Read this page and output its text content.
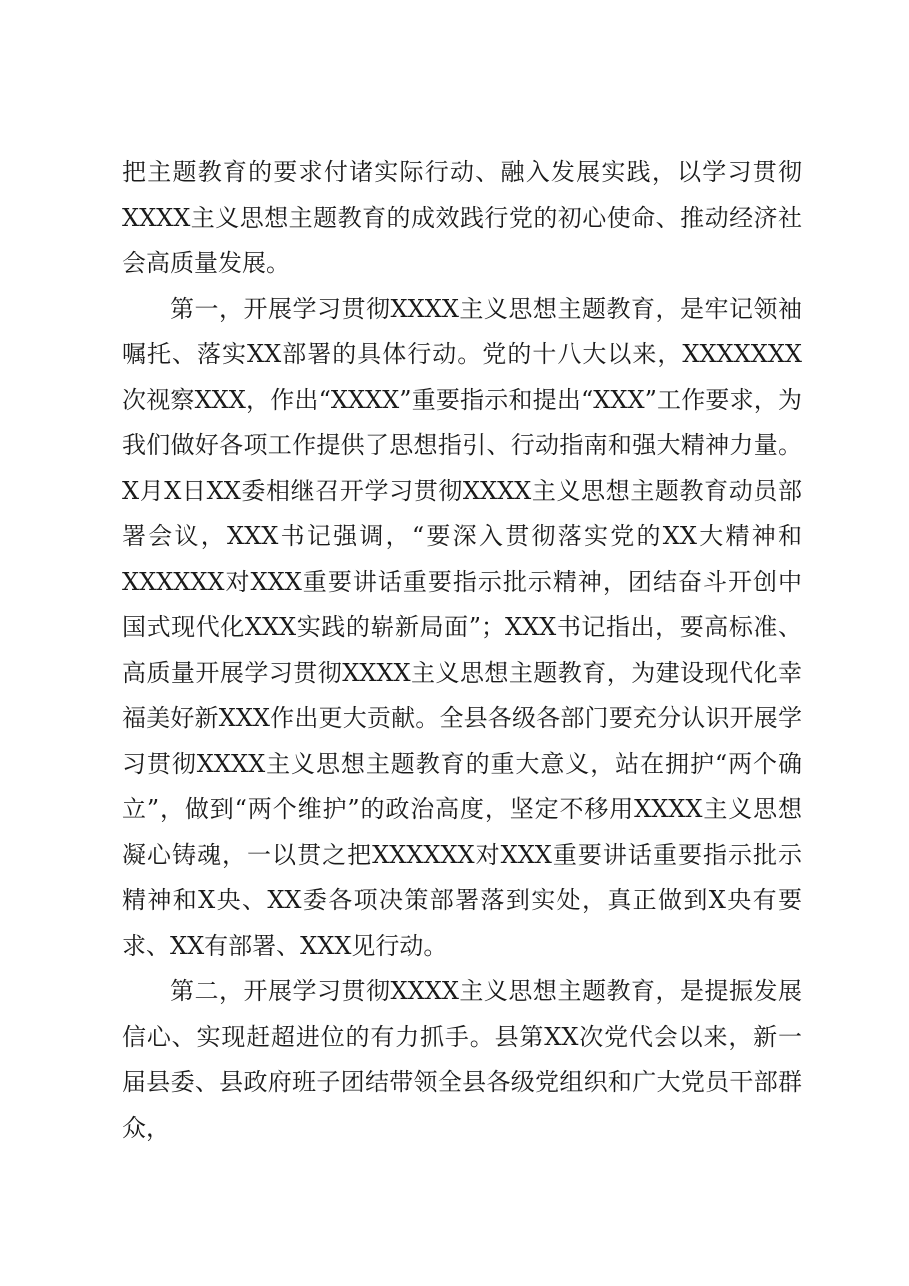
把主题教育的要求付诸实际行动、融入发展实践，以学习贯彻XXXX主义思想主题教育的成效践行党的初心使命、推动经济社会高质量发展。

第一，开展学习贯彻XXXX主义思想主题教育，是牢记领袖嘱托、落实XX部署的具体行动。党的十八大以来，XXXXXXX次视察XXX，作出“XXXX”重要指示和提出“XXX”工作要求，为我们做好各项工作提供了思想指引、行动指南和强大精神力量。X月X日XX委相继召开学习贯彻XXXX主义思想主题教育动员部署会议，XXX书记强调，“要深入贯彻落实党的XX大精神和XXXXXX对XXX重要讲话重要指示批示精神，团结奋斗开创中国式现代化XXX实践的崭新局面”；XXX书记指出，要高标准、高质量开展学习贯彻XXXX主义思想主题教育，为建设现代化幸福美好新XXX作出更大贡献。全县各级各部门要充分认识开展学习贯彻XXXX主义思想主题教育的重大意义，站在拥护“两个确立”，做到“两个维护”的政治高度，坚定不移用XXXX主义思想凝心铸魂，一以贯之把XXXXXX对XXX重要讲话重要指示批示精神和X央、XX委各项决策部署落到实处，真正做到X央有要求、XX有部署、XXX见行动。

第二，开展学习贯彻XXXX主义思想主题教育，是提振发展信心、实现赶超进位的有力抓手。县第XX次党代会以来，新一届县委、县政府班子团结带领全县各级党组织和广大党员干部群众，
